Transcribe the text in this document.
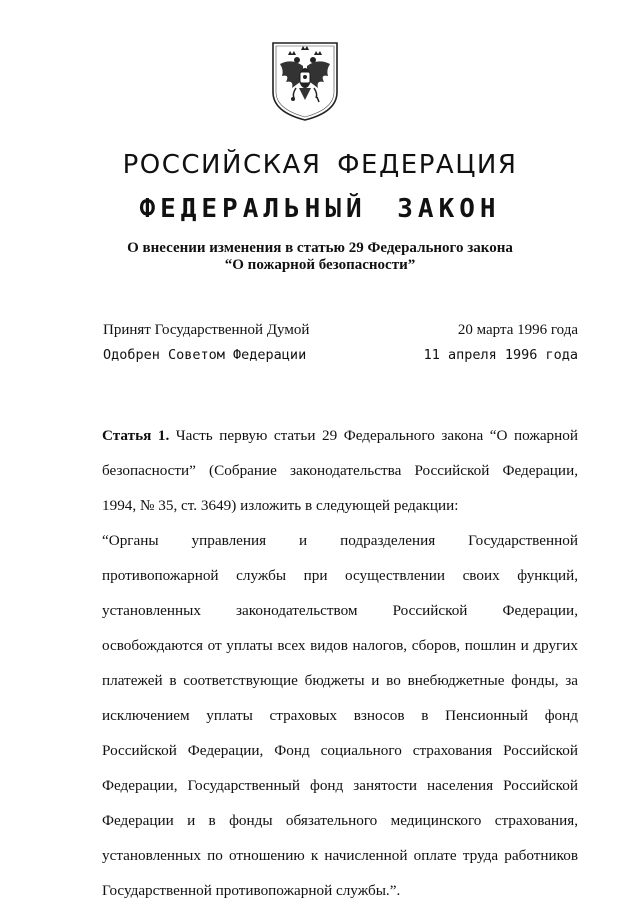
РОССИЙСКАЯ ФЕДЕРАЦИЯ
ФЕДЕРАЛЬНЫЙ ЗАКОН
О внесении изменения в статью 29 Федерального закона
“О пожарной безопасности”
Принят Государственной Думой	20 марта 1996 года
Одобрен Советом Федерации	11 апреля 1996 года

Статья 1. Часть первую статьи 29 Федерального закона “О пожарной безопасности” (Собрание законодательства Российской Федерации, 1994, № 35, ст. 3649) изложить в следующей редакции:

“Органы управления и подразделения Государственной противопожарной службы при осуществлении своих функций, установленных законодательством Российской Федерации, освобождаются от уплаты всех видов налогов, сборов, пошлин и других платежей в соответствующие бюджеты и во внебюджетные фонды, за исключением уплаты страховых взносов в Пенсионный фонд Российской Федерации, Фонд социального страхования Российской Федерации, Государственный фонд занятости населения Российской Федерации и в фонды обязательного медицинского страхования, установленных по отношению к начисленной оплате труда работников Государственной противопожарной службы.”.
